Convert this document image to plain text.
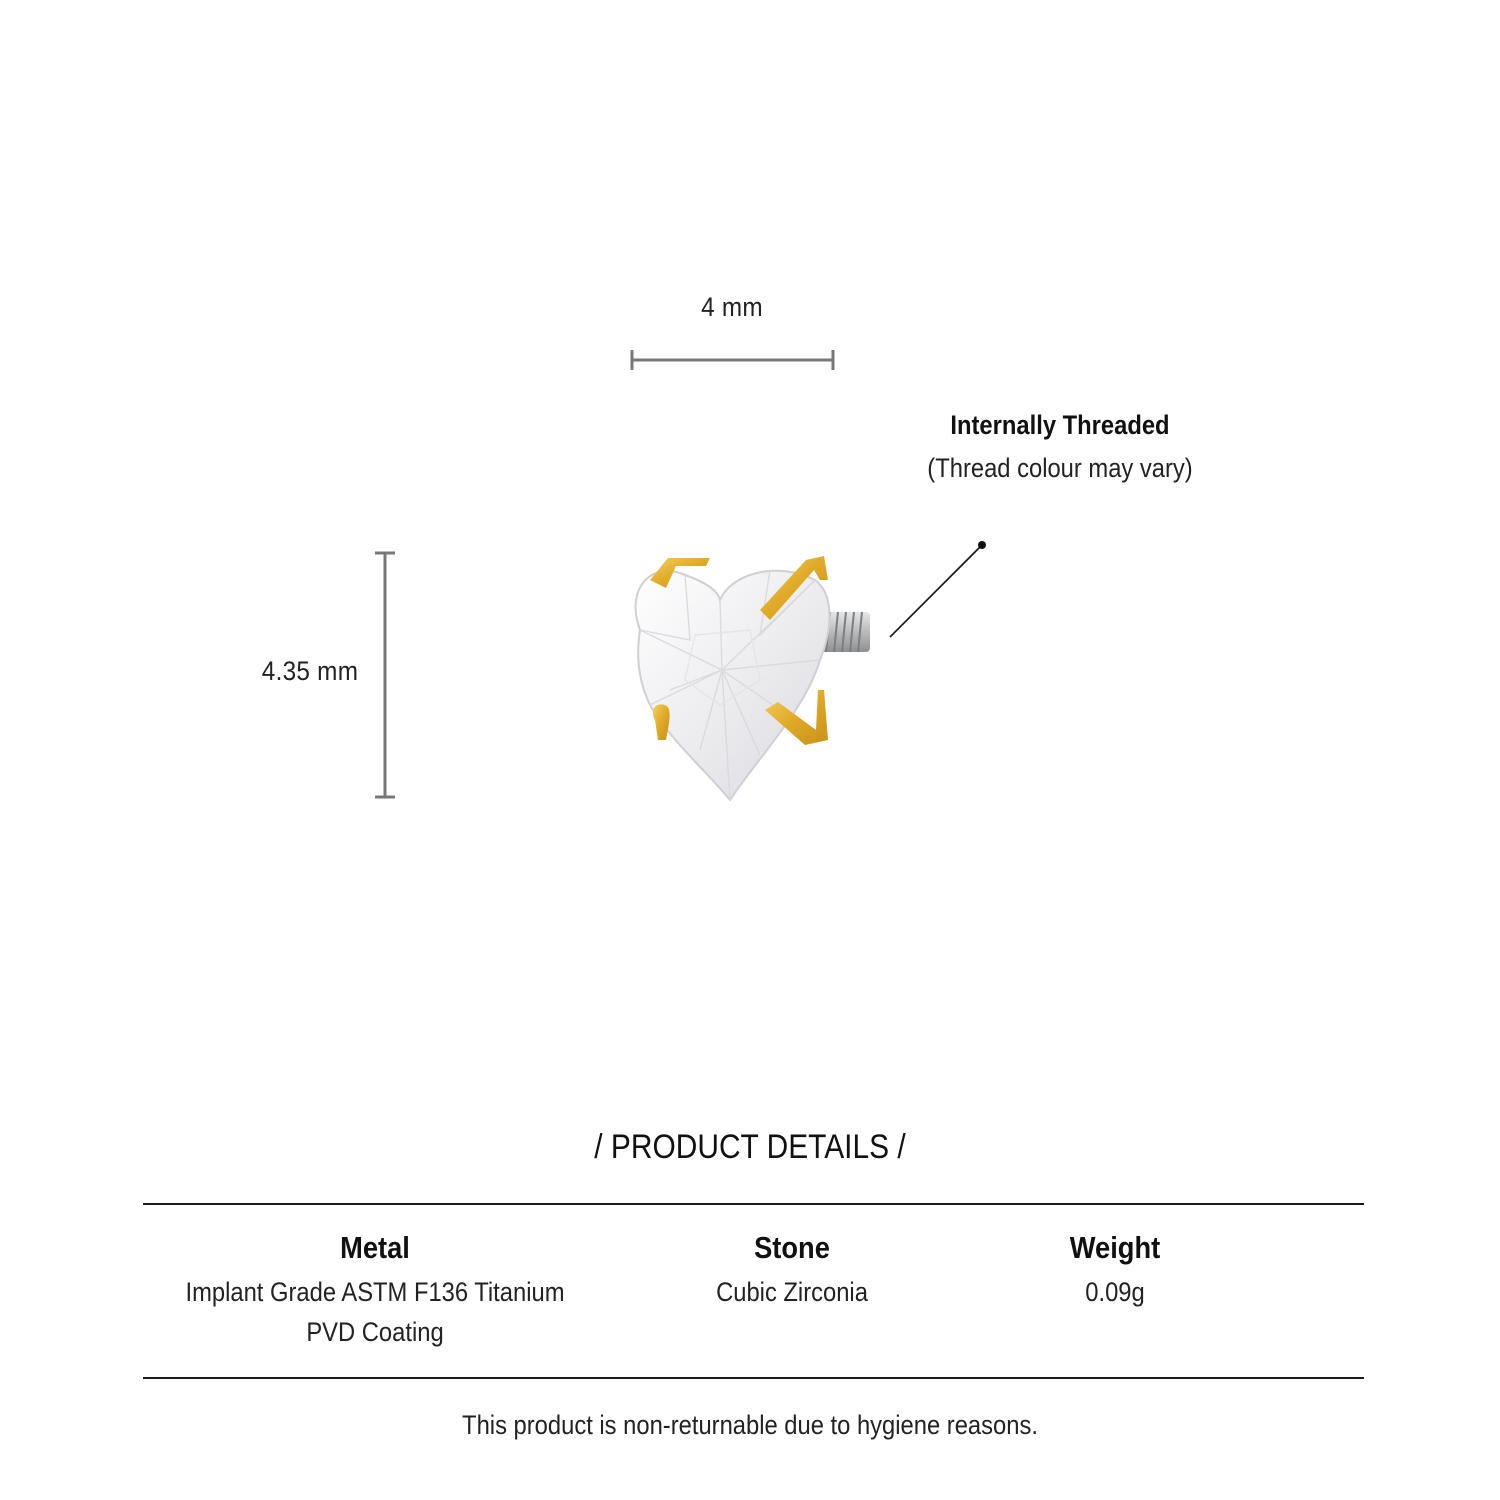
4 mm
4.35 mm
Internally Threaded
(Thread colour may vary)
/ PRODUCT DETAILS /
Metal
Implant Grade ASTM F136 Titanium
PVD Coating
Stone
Cubic Zirconia
Weight
0.09g
This product is non-returnable due to hygiene reasons.
